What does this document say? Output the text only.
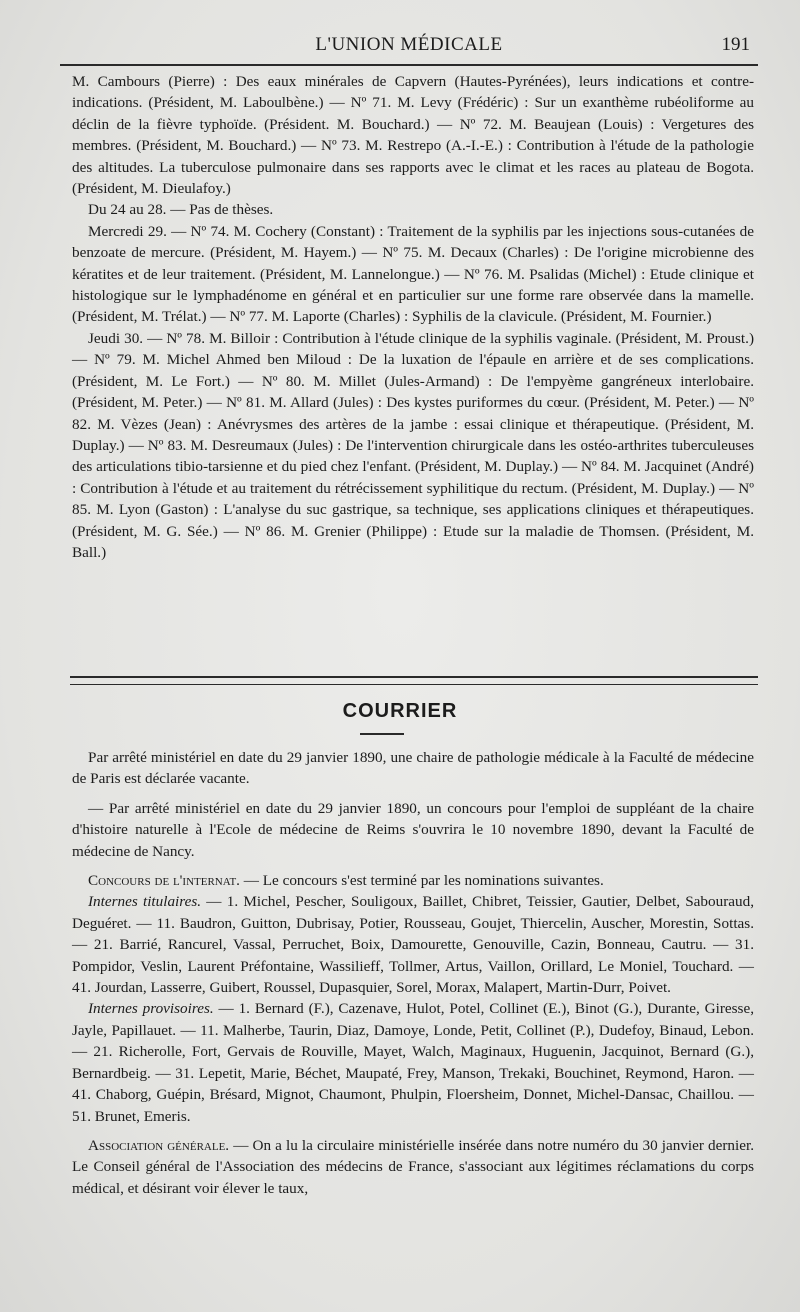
L'UNION MÉDICALE	191

M. Cambours (Pierre) : Des eaux minérales de Capvern (Hautes-Pyrénées), leurs indications et contre-indications. (Président, M. Laboulbène.) — Nº 71. M. Levy (Frédéric) : Sur un exanthème rubéoliforme au déclin de la fièvre typhoïde. (Président. M. Bouchard.) — Nº 72. M. Beaujean (Louis) : Vergetures des membres. (Président, M. Bouchard.) — Nº 73. M. Restrepo (A.-I.-E.) : Contribution à l'étude de la pathologie des altitudes. La tuberculose pulmonaire dans ses rapports avec le climat et les races au plateau de Bogota. (Président, M. Dieulafoy.)

Du 24 au 28. — Pas de thèses.

Mercredi 29. — Nº 74. M. Cochery (Constant) : Traitement de la syphilis par les injections sous-cutanées de benzoate de mercure. (Président, M. Hayem.) — Nº 75. M. Decaux (Charles) : De l'origine microbienne des kératites et de leur traitement. (Président, M. Lannelongue.) — Nº 76. M. Psalidas (Michel) : Etude clinique et histologique sur le lymphadénome en général et en particulier sur une forme rare observée dans la mamelle. (Président, M. Trélat.) — Nº 77. M. Laporte (Charles) : Syphilis de la clavicule. (Président, M. Fournier.)

Jeudi 30. — Nº 78. M. Billoir : Contribution à l'étude clinique de la syphilis vaginale. (Président, M. Proust.) — Nº 79. M. Michel Ahmed ben Miloud : De la luxation de l'épaule en arrière et de ses complications. (Président, M. Le Fort.) — Nº 80. M. Millet (Jules-Armand) : De l'empyème gangréneux interlobaire. (Président, M. Peter.) — Nº 81. M. Allard (Jules) : Des kystes puriformes du cœur. (Président, M. Peter.) — Nº 82. M. Vèzes (Jean) : Anévrysmes des artères de la jambe : essai clinique et thérapeutique. (Président, M. Duplay.) — Nº 83. M. Desreumaux (Jules) : De l'intervention chirurgicale dans les ostéo-arthrites tuberculeuses des articulations tibio-tarsienne et du pied chez l'enfant. (Président, M. Duplay.) — Nº 84. M. Jacquinet (André) : Contribution à l'étude et au traitement du rétrécissement syphilitique du rectum. (Président, M. Duplay.) — Nº 85. M. Lyon (Gaston) : L'analyse du suc gastrique, sa technique, ses applications cliniques et thérapeutiques. (Président, M. G. Sée.) — Nº 86. M. Grenier (Philippe) : Etude sur la maladie de Thomsen. (Président, M. Ball.)

COURRIER

Par arrêté ministériel en date du 29 janvier 1890, une chaire de pathologie médicale à la Faculté de médecine de Paris est déclarée vacante.

— Par arrêté ministériel en date du 29 janvier 1890, un concours pour l'emploi de suppléant de la chaire d'histoire naturelle à l'Ecole de médecine de Reims s'ouvrira le 10 novembre 1890, devant la Faculté de médecine de Nancy.

Concours de l'internat. — Le concours s'est terminé par les nominations suivantes.

Internes titulaires. — 1. Michel, Pescher, Souligoux, Baillet, Chibret, Teissier, Gautier, Delbet, Sabouraud, Deguéret. — 11. Baudron, Guitton, Dubrisay, Potier, Rousseau, Goujet, Thiercelin, Auscher, Morestin, Sottas. — 21. Barrié, Rancurel, Vassal, Perruchet, Boix, Damourette, Genouville, Cazin, Bonneau, Cautru. — 31. Pompidor, Veslin, Laurent Préfontaine, Wassilieff, Tollmer, Artus, Vaillon, Orillard, Le Moniel, Touchard. — 41. Jourdan, Lasserre, Guibert, Roussel, Dupasquier, Sorel, Morax, Malapert, Martin-Durr, Poivet.

Internes provisoires. — 1. Bernard (F.), Cazenave, Hulot, Potel, Collinet (E.), Binot (G.), Durante, Giresse, Jayle, Papillauet. — 11. Malherbe, Taurin, Diaz, Damoye, Londe, Petit, Collinet (P.), Dudefoy, Binaud, Lebon. — 21. Richerolle, Fort, Gervais de Rouville, Mayet, Walch, Maginaux, Huguenin, Jacquinot, Bernard (G.), Bernardbeig. — 31. Lepetit, Marie, Béchet, Maupaté, Frey, Manson, Trekaki, Bouchinet, Reymond, Haron. — 41. Chaborg, Guépin, Brésard, Mignot, Chaumont, Phulpin, Floersheim, Donnet, Michel-Dansac, Chaillou. — 51. Brunet, Emeris.

Association générale. — On a lu la circulaire ministérielle insérée dans notre numéro du 30 janvier dernier. Le Conseil général de l'Association des médecins de France, s'associant aux légitimes réclamations du corps médical, et désirant voir élever le taux,
